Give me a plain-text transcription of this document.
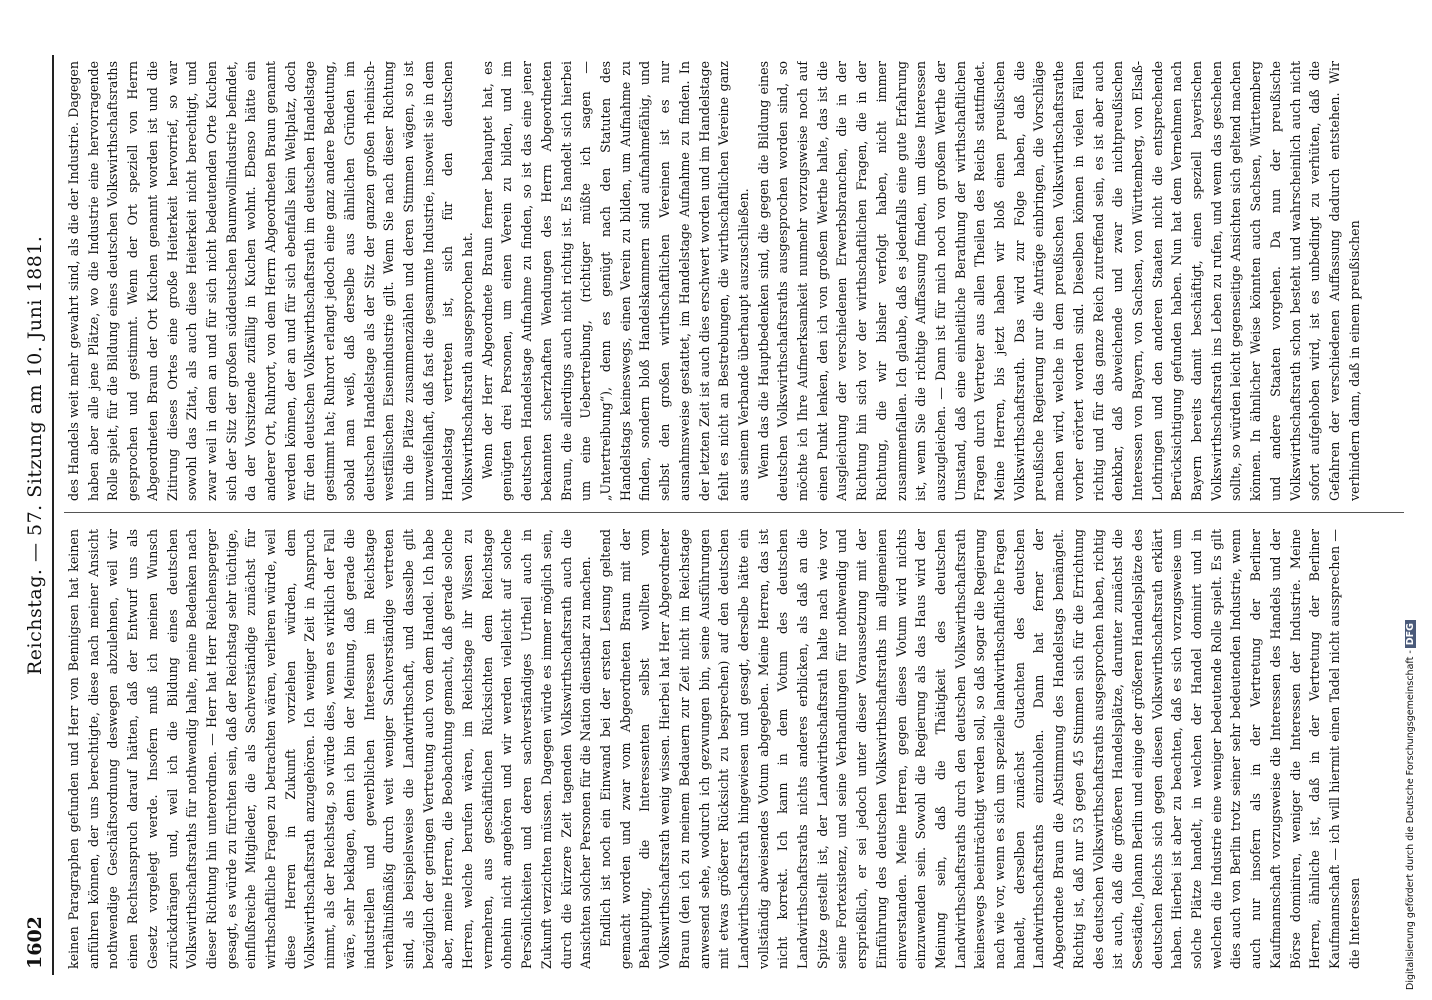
1602
Reichstag. — 57. Sitzung am 10. Juni 1881.

keinen Paragraphen gefunden und Herr von Bennigsen hat keinen anführen können, der uns berechtigte, diese nach meiner Ansicht nothwendige Geschäftsordnung deswegen abzulehnen, weil wir einen Rechtsanspruch darauf hätten, daß der Entwurf uns als Gesetz vorgelegt werde. Insofern muß ich meinen Wunsch zurückdrängen und, weil ich die Bildung eines deutschen Volkswirthschaftsraths für nothwendig halte, meine Bedenken nach dieser Richtung hin unterordnen. — Herr hat Herr Reichensperger gesagt, es würde zu fürchten sein, daß der Reichstag sehr tüchtige, einflußreiche Mitglieder, die als Sachverständige zunächst für wirthschaftliche Fragen zu betrachten wären, verlieren würde, weil diese Herren in Zukunft vorziehen würden, dem Volkswirthschaftsrath anzugehören. Ich weniger Zeit in Anspruch nimmt, als der Reichstag, so würde dies, wenn es wirklich der Fall wäre, sehr beklagen, denn ich bin der Meinung, daß gerade die industriellen und gewerblichen Interessen im Reichstage verhältnißmäßig durch weit weniger Sachverständige vertreten sind, als beispielsweise die Landwirthschaft, und dasselbe gilt bezüglich der geringen Vertretung auch von dem Handel. Ich habe aber, meine Herren, die Beobachtung gemacht, daß gerade solche Herren, welche berufen wären, im Reichstage ihr Wissen zu vermehren, aus geschäftlichen Rücksichten dem Reichstage ohnehin nicht angehören und wir werden vielleicht auf solche Persönlichkeiten und deren sachverständiges Urtheil auch in Zukunft verzichten müssen. Dagegen würde es immer möglich sein, durch die kürzere Zeit tagenden Volkswirthschaftsrath auch die Ansichten solcher Personen für die Nation dienstbar zu machen. Endlich ist noch ein Einwand bei der ersten Lesung geltend gemacht worden und zwar vom Abgeordneten Braun mit der Behauptung, die Interessenten selbst wollten vom Volkswirthschaftsrath wenig wissen. Hierbei hat Herr Abgeordneter Braun (den ich zu meinem Bedauern zur Zeit nicht im Reichstage anwesend sehe, wodurch ich gezwungen bin, seine Ausführungen mit etwas größerer Rücksicht zu besprechen) auf den deutschen Landwirthschaftsrath hingewiesen und gesagt, derselbe hätte ein vollständig abweisendes Votum abgegeben. Meine Herren, das ist nicht korrekt. Ich kann in dem Votum des deutschen Landwirthschaftsraths nichts anderes erblicken, als daß an die Spitze gestellt ist, der Landwirthschaftsrath halte nach wie vor seine Fortexistenz, und seine Verhandlungen für nothwendig und ersprießlich, er sei jedoch unter dieser Voraussetzung mit der Einführung des deutschen Volkswirthschaftsraths im allgemeinen einverstanden. Meine Herren, gegen dieses Votum wird nichts einzuwenden sein. Sowohl die Regierung als das Haus wird der Meinung sein, daß die Thätigkeit des deutschen Landwirthschaftsraths durch den deutschen Volkswirthschaftsrath keineswegs beeinträchtigt werden soll, so daß sogar die Regierung nach wie vor, wenn es sich um spezielle landwirthschaftliche Fragen handelt, derselben zunächst Gutachten des deutschen Landwirthschaftsraths einzuholen. Dann hat ferner der Abgeordnete Braun die Abstimmung des Handelstags bemängelt. Richtig ist, daß nur 53 gegen 45 Stimmen sich für die Errichtung des deutschen Volkswirthschaftsraths ausgesprochen haben, richtig ist auch, daß die größeren Handelsplätze, darunter zunächst die Seestädte, Johann Berlin und einige der größeren Handelsplätze des deutschen Reichs sich gegen diesen Volkswirthschaftsrath erklärt haben. Hierbei ist aber zu beachten, daß es sich vorzugsweise um solche Plätze handelt, in welchen der Handel dominirt und in welchen die Industrie eine weniger bedeutende Rolle spielt. Es gilt dies auch von Berlin trotz seiner sehr bedeutenden Industrie, wenn auch nur insofern als in der Vertretung der Berliner Kaufmannschaft vorzugsweise die Interessen des Handels und der Börse dominiren, weniger die Interessen der Industrie. Meine Herren, ähnliche ist, daß in der Vertretung der Berliner Kaufmannschaft — ich will hiermit einen Tadel nicht aussprechen — die Interessen

des Handels weit mehr gewahrt sind, als die der Industrie. Dagegen haben aber alle jene Plätze, wo die Industrie eine hervorragende Rolle spielt, für die Bildung eines deutschen Volkswirthschaftsraths gesprochen und gestimmt. Wenn der Ort speziell von Herrn Abgeordneten Braun der Ort Kuchen genannt worden ist und die Zitirung dieses Ortes eine große Heiterkeit hervorrief, so war sowohl das Zitat, als auch diese Heiterkeit nicht berechtigt, und zwar weil in dem an und für sich nicht bedeutenden Orte Kuchen sich der Sitz der großen süddeutschen Baumwollindustrie befindet, da der Vorsitzende zufällig in Kuchen wohnt. Ebenso hätte ein anderer Ort, Ruhrort, von dem Herrn Abgeordneten Braun genannt werden können, der an und für sich ebenfalls kein Weltplatz, doch für den deutschen Volkswirthschaftsrath im deutschen Handelstage gestimmt hat; Ruhrort erlangt jedoch eine ganz andere Bedeutung, sobald man weiß, daß derselbe aus ähnlichen Gründen im deutschen Handelstage als der Sitz der ganzen großen rheinisch-westfälischen Eisenindustrie gilt. Wenn Sie nach dieser Richtung hin die Plätze zusammenzählen und deren Stimmen wägen, so ist unzweifelhaft, daß fast die gesammte Industrie, insoweit sie in dem Handelstag vertreten ist, sich für den deutschen Volkswirthschaftsrath ausgesprochen hat. Wenn der Herr Abgeordnete Braun ferner behauptet hat, es genügten drei Personen, um einen Verein zu bilden, und im deutschen Handelstage Aufnahme zu finden, so ist das eine jener bekannten scherzhaften Wendungen des Herrn Abgeordneten Braun, die allerdings auch nicht richtig ist. Es handelt sich hierbei um eine Uebertreibung, (richtiger müßte ich sagen — „Untertreibung“), denn es genügt nach den Statuten des Handelstags keineswegs, einen Verein zu bilden, um Aufnahme zu finden, sondern bloß Handelskammern sind aufnahmefähig, und selbst den großen wirthschaftlichen Vereinen ist es nur ausnahmsweise gestattet, im Handelstage Aufnahme zu finden. In der letzten Zeit ist auch dies erschwert worden und im Handelstage fehlt es nicht an Bestrebungen, die wirthschaftlichen Vereine ganz aus seinem Verbande überhaupt auszuschließen. Wenn das die Hauptbedenken sind, die gegen die Bildung eines deutschen Volkswirthschaftsraths ausgesprochen worden sind, so möchte ich Ihre Aufmerksamkeit nunmehr vorzugsweise noch auf einen Punkt lenken, den ich von großem Werthe halte, das ist die Ausgleichung der verschiedenen Erwerbsbranchen, die in der Richtung hin sich vor der wirthschaftlichen Fragen, die in der Richtung, die wir bisher verfolgt haben, nicht immer zusammenfallen. Ich glaube, daß es jedenfalls eine gute Erfahrung ist, wenn Sie die richtige Auffassung finden, um diese Interessen auszugleichen. — Dann ist für mich noch von großem Werthe der Umstand, daß eine einheitliche Berathung der wirthschaftlichen Fragen durch Vertreter aus allen Theilen des Reichs stattfindet. Meine Herren, bis jetzt haben wir bloß einen preußischen Volkswirthschaftsrath. Das wird zur Folge haben, daß die preußische Regierung nur die Anträge einbringen, die Vorschläge machen wird, welche in dem preußischen Volkswirthschaftsrathe vorher erörtert worden sind. Dieselben können in vielen Fällen richtig und für das ganze Reich zutreffend sein, es ist aber auch denkbar, daß abweichende und zwar die nichtpreußischen Interessen von Bayern, von Sachsen, von Württemberg, von Elsaß-Lothringen und den anderen Staaten nicht die entsprechende Berücksichtigung gefunden haben. Nun hat dem Vernehmen nach Bayern bereits damit beschäftigt, einen speziell bayerischen Volkswirthschaftsrath ins Leben zu rufen, und wenn das geschehen sollte, so würden leicht gegenseitige Ansichten sich geltend machen können. In ähnlicher Weise könnten auch Sachsen, Württemberg und andere Staaten vorgehen. Da nun der preußische Volkswirthschaftsrath schon besteht und wahrscheinlich auch nicht sofort aufgehoben wird, ist es unbedingt zu verhüten, daß die Gefahren der verschiedenen Auffassung dadurch entstehen. Wir verhindern dann, daß in einem preußischen

Digitalisierung gefördert durch die Deutsche Forschungsgemeinschaft -DFG
